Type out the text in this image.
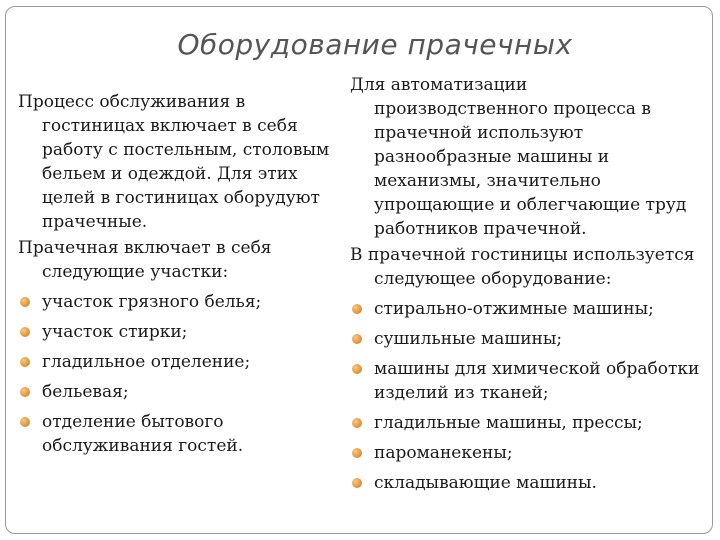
Оборудование прачечных

Процесс обслуживания в гостиницах включает в себя работу с постельным, столовым бельем и одеждой. Для этих целей в гостиницах оборудуют прачечные.

Прачечная включает в себя следующие участки:

участок грязного белья;
участок стирки;
гладильное отделение;
бельевая;
отделение бытового обслуживания гостей.

Для автоматизации производственного процесса в прачечной используют разнообразные машины и механизмы, значительно упрощающие и облегчающие труд работников прачечной.

В прачечной гостиницы используется следующее оборудование:

стирально-отжимные машины;
сушильные машины;
машины для химической обработки изделий из тканей;
гладильные машины, прессы;
пароманекены;
складывающие машины.
